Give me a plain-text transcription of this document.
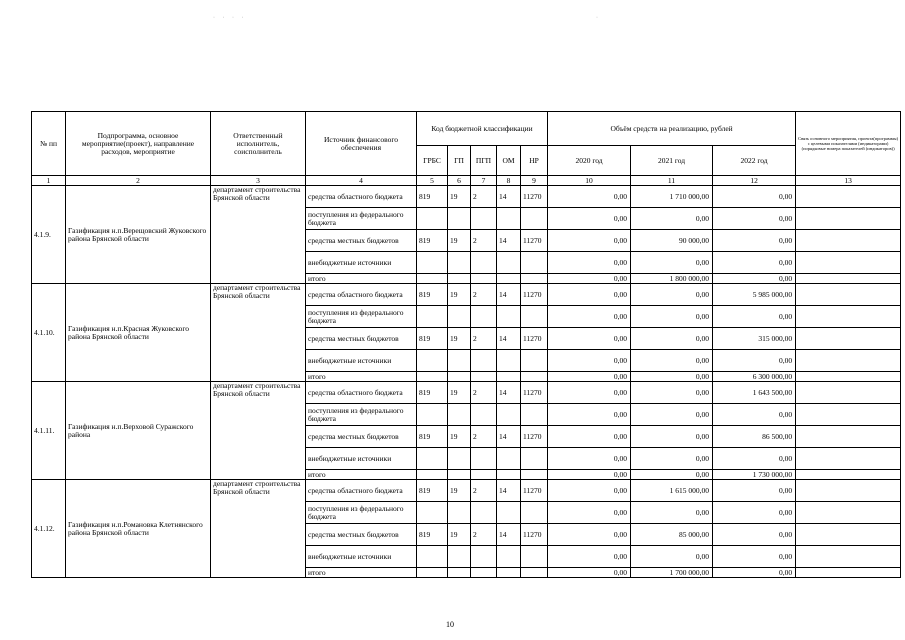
· · · ·	·
№ пп	Подпрограмма, основное мероприятие(проект), направление расходов, мероприятие	Ответственный исполнитель, соисполнитель	Источник финансового обеспечения	Код бюджетной классификации					Объём средств на реализацию, рублей			Связь основного мероприятия, проекта(программы) с целевыми показателями (индикаторами) (порядковые номера показателей (индикаторов))
				ГРБС	ГП	ПГП	ОМ	НР	2020 год	2021 год	2022 год	
1	2	3	4	5	6	7	8	9	10	11	12	13
4.1.9.	Газификация н.п.Верещовский Жуковского района Брянской области	департамент строительства Брянской области	средства областного бюджета	819	19	2	14	11270	0,00	1 710 000,00	0,00	
			поступления из федерального бюджета						0,00	0,00	0,00	
			средства местных бюджетов	819	19	2	14	11270	0,00	90 000,00	0,00	
			внебюджетные источники						0,00	0,00	0,00	
			итого						0,00	1 800 000,00	0,00	
4.1.10.	Газификация н.п.Красная Жуковского района Брянской области	департамент строительства Брянской области	средства областного бюджета	819	19	2	14	11270	0,00	0,00	5 985 000,00	
			поступления из федерального бюджета						0,00	0,00	0,00	
			средства местных бюджетов	819	19	2	14	11270	0,00	0,00	315 000,00	
			внебюджетные источники						0,00	0,00	0,00	
			итого						0,00	0,00	6 300 000,00	
4.1.11.	Газификация н.п.Верховой Суражского района	департамент строительства Брянской области	средства областного бюджета	819	19	2	14	11270	0,00	0,00	1 643 500,00	
			поступления из федерального бюджета						0,00	0,00	0,00	
			средства местных бюджетов	819	19	2	14	11270	0,00	0,00	86 500,00	
			внебюджетные источники						0,00	0,00	0,00	
			итого						0,00	0,00	1 730 000,00	
4.1.12.	Газификация н.п.Романовка Клетнянского района Брянской области	департамент строительства Брянской области	средства областного бюджета	819	19	2	14	11270	0,00	1 615 000,00	0,00	
			поступления из федерального бюджета						0,00	0,00	0,00	
			средства местных бюджетов	819	19	2	14	11270	0,00	85 000,00	0,00	
			внебюджетные источники						0,00	0,00	0,00	
			итого						0,00	1 700 000,00	0,00	
10
